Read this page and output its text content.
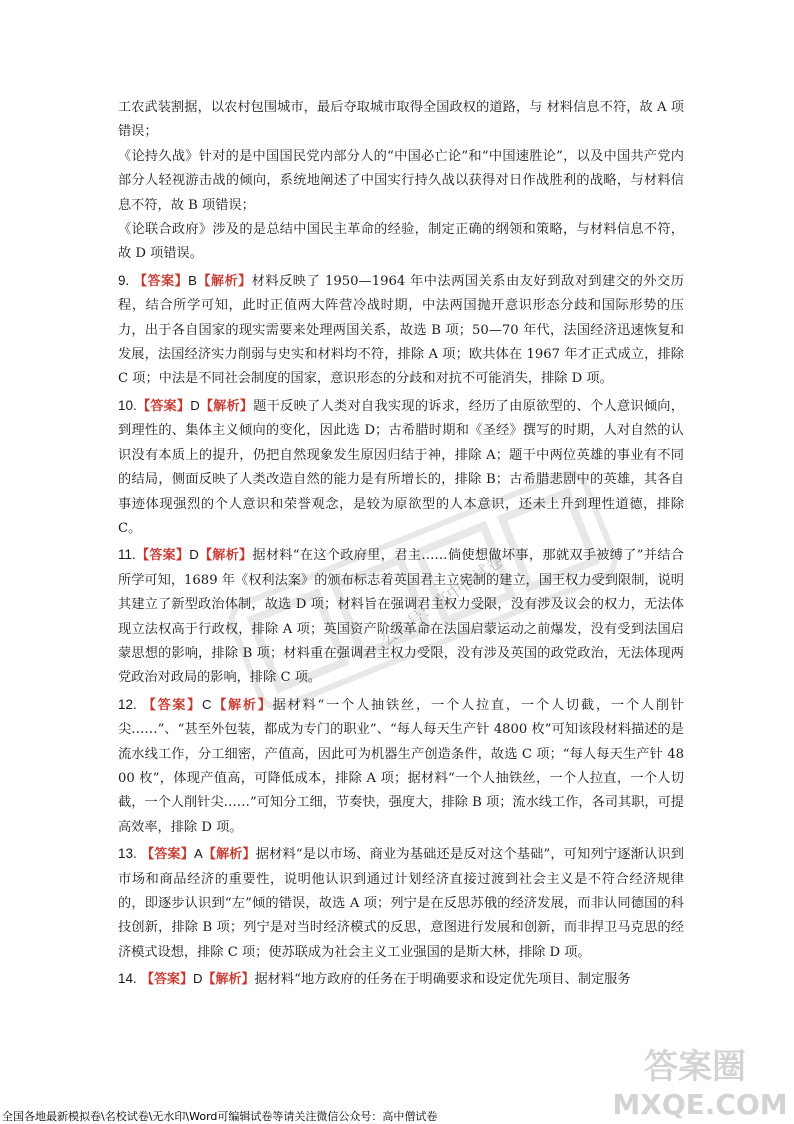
工农武装割据，以农村包围城市，最后夺取城市取得全国政权的道路，与 材料信息不符，故 A 项错误；

《论持久战》针对的是中国国民党内部分人的“中国必亡论”和“中国速胜论”，以及中国共产党内部分人轻视游击战的倾向，系统地阐述了中国实行持久战以获得对日作战胜利的战略，与材料信息不符，故 B 项错误；

《论联合政府》涉及的是总结中国民主革命的经验，制定正确的纲领和策略，与材料信息不符，故 D 项错误。

9. 【答案】B【解析】材料反映了 1950—1964 年中法两国关系由友好到敌对到建交的外交历程，结合所学可知，此时正值两大阵营冷战时期，中法两国抛开意识形态分歧和国际形势的压力，出于各自国家的现实需要来处理两国关系，故选 B 项；50—70 年代，法国经济迅速恢复和发展，法国经济实力削弱与史实和材料均不符，排除 A 项；欧共体在 1967 年才正式成立，排除 C 项；中法是不同社会制度的国家，意识形态的分歧和对抗不可能消失，排除 D 项。

10.【答案】D【解析】题干反映了人类对自我实现的诉求，经历了由原欲型的、个人意识倾向，到理性的、集体主义倾向的变化，因此选 D；古希腊时期和《圣经》撰写的时期，人对自然的认识没有本质上的提升，仍把自然现象发生原因归结于神，排除 A；题干中两位英雄的事业有不同的结局，侧面反映了人类改造自然的能力是有所增长的，排除 B；古希腊悲剧中的英雄，其各自事迹体现强烈的个人意识和荣誉观念，是较为原欲型的人本意识，还未上升到理性道德，排除 C。

11.【答案】D【解析】据材料“在这个政府里，君主……倘使想做坏事，那就双手被缚了”并结合所学可知，1689 年《权利法案》的颁布标志着英国君主立宪制的建立，国王权力受到限制，说明其建立了新型政治体制，故选 D 项；材料旨在强调君主权力受限，没有涉及议会的权力，无法体现立法权高于行政权，排除 A 项；英国资产阶级革命在法国启蒙运动之前爆发，没有受到法国启蒙思想的影响，排除 B 项；材料重在强调君主权力受限，没有涉及英国的政党政治，无法体现两党政治对政局的影响，排除 C 项。

12. 【答案】C【解析】据材料“一个人抽铁丝，一个人拉直，一个人切截，一个人削针尖……”、“甚至外包装，都成为专门的职业”、“每人每天生产针 4800 枚”可知该段材料描述的是流水线工作，分工细密，产值高，因此可为机器生产创造条件，故选 C 项；“每人每天生产针 4800 枚”，体现产值高，可降低成本，排除 A 项；据材料“一个人抽铁丝，一个人拉直，一个人切截，一个人削针尖……”可知分工细，节奏快，强度大，排除 B 项；流水线工作，各司其职，可提高效率，排除 D 项。

13. 【答案】A【解析】据材料“是以市场、商业为基础还是反对这个基础”，可知列宁逐渐认识到市场和商品经济的重要性，说明他认识到通过计划经济直接过渡到社会主义是不符合经济规律的，即逐步认识到“左”倾的错误，故选 A 项；列宁是在反思苏俄的经济发展，而非认同德国的科技创新，排除 B 项；列宁是对当时经济模式的反思，意图进行发展和创新，而非捍卫马克思的经济模式设想，排除 C 项；使苏联成为社会主义工业强国的是斯大林，排除 D 项。

14. 【答案】D【解析】据材料“地方政府的任务在于明确要求和设定优先项目、制定服务

公众号：高中僧试卷
答案圈
MXQE.COM
全国各地最新模拟卷\名校试卷\无水印\Word可编辑试卷等请关注微信公众号：高中僧试卷
